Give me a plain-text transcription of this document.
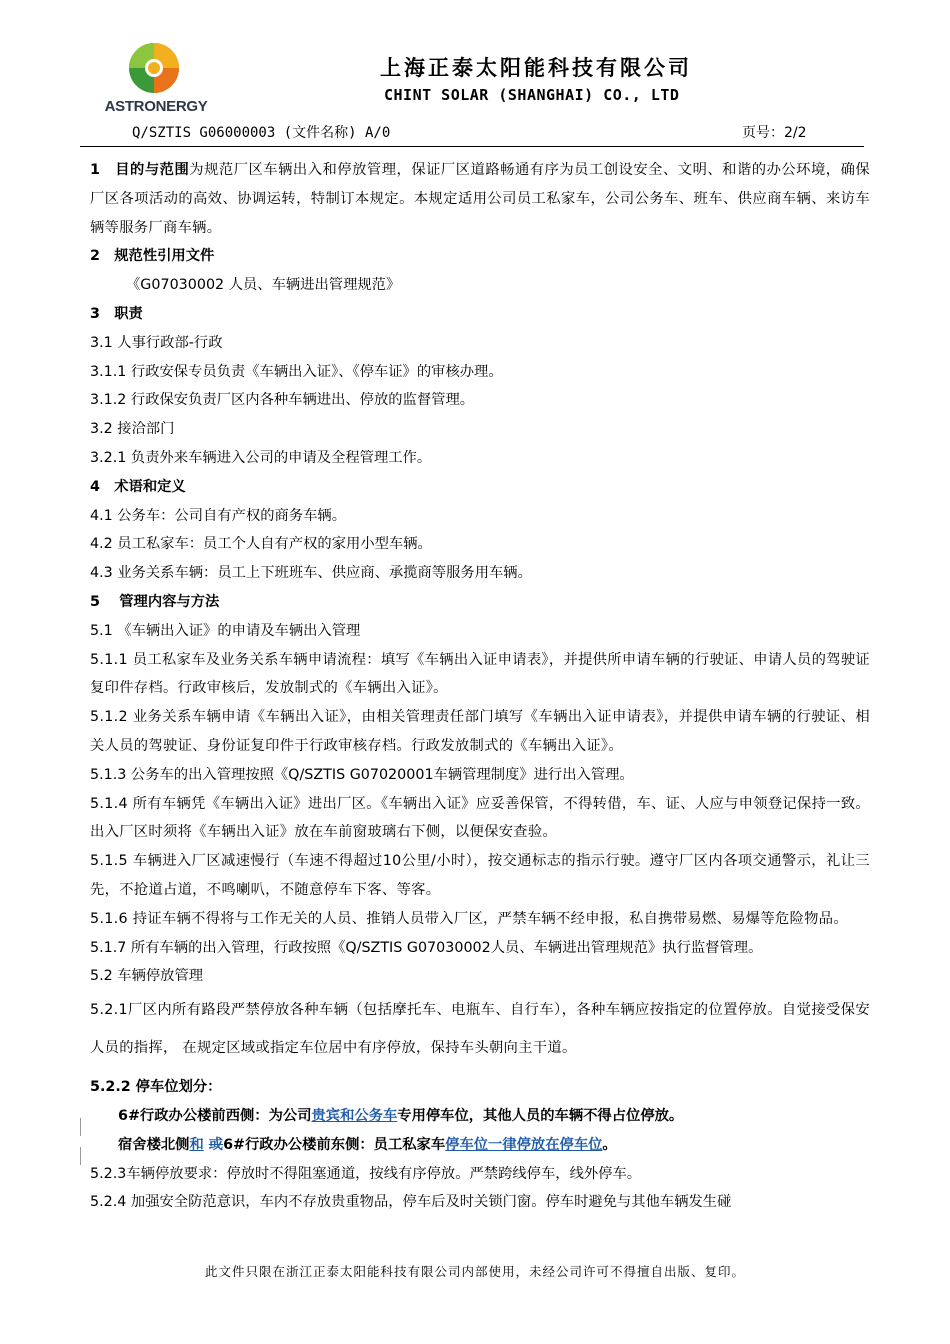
ASTRONERGY
上海正泰太阳能科技有限公司
CHINT SOLAR (SHANGHAI) CO., LTD
Q/SZTIS G06000003 (文件名称) A/0	页号：2/2

1　目的与范围为规范厂区车辆出入和停放管理，保证厂区道路畅通有序为员工创设安全、文明、和谐的办公环境，确保厂区各项活动的高效、协调运转，特制订本规定。本规定适用公司员工私家车，公司公务车、班车、供应商车辆、来访车辆等服务厂商车辆。

2　规范性引用文件

《G07030002 人员、车辆进出管理规范》

3　职责

3.1 人事行政部-行政

3.1.1 行政安保专员负责《车辆出入证》、《停车证》的审核办理。

3.1.2 行政保安负责厂区内各种车辆进出、停放的监督管理。

3.2 接洽部门

3.2.1 负责外来车辆进入公司的申请及全程管理工作。

4　术语和定义

4.1 公务车：公司自有产权的商务车辆。

4.2 员工私家车：员工个人自有产权的家用小型车辆。

4.3 业务关系车辆：员工上下班班车、供应商、承揽商等服务用车辆。

5　 管理内容与方法

5.1 《车辆出入证》的申请及车辆出入管理

5.1.1 员工私家车及业务关系车辆申请流程：填写《车辆出入证申请表》，并提供所申请车辆的行驶证、申请人员的驾驶证复印件存档。行政审核后，发放制式的《车辆出入证》。

5.1.2 业务关系车辆申请《车辆出入证》，由相关管理责任部门填写《车辆出入证申请表》，并提供申请车辆的行驶证、相关人员的驾驶证、身份证复印件于行政审核存档。行政发放制式的《车辆出入证》。

5.1.3 公务车的出入管理按照《Q/SZTIS G07020001车辆管理制度》进行出入管理。

5.1.4 所有车辆凭《车辆出入证》进出厂区。《车辆出入证》应妥善保管，不得转借，车、证、人应与申领登记保持一致。出入厂区时须将《车辆出入证》放在车前窗玻璃右下侧，以便保安查验。

5.1.5 车辆进入厂区减速慢行（车速不得超过10公里/小时），按交通标志的指示行驶。遵守厂区内各项交通警示，礼让三先，不抢道占道，不鸣喇叭，不随意停车下客、等客。

5.1.6 持证车辆不得将与工作无关的人员、推销人员带入厂区，严禁车辆不经申报，私自携带易燃、易爆等危险物品。

5.1.7 所有车辆的出入管理，行政按照《Q/SZTIS G07030002人员、车辆进出管理规范》执行监督管理。

5.2 车辆停放管理

5.2.1厂区内所有路段严禁停放各种车辆（包括摩托车、电瓶车、自行车），各种车辆应按指定的位置停放。自觉接受保安人员的指挥， 在规定区域或指定车位居中有序停放，保持车头朝向主干道。

5.2.2 停车位划分：

6#行政办公楼前西侧：为公司贵宾和公务车专用停车位，其他人员的车辆不得占位停放。

宿舍楼北侧和 或6#行政办公楼前东侧：员工私家车停车位一律停放在停车位。

5.2.3车辆停放要求：停放时不得阻塞通道，按线有序停放。严禁跨线停车，线外停车。

5.2.4 加强安全防范意识，车内不存放贵重物品，停车后及时关锁门窗。停车时避免与其他车辆发生碰

此文件只限在浙江正泰太阳能科技有限公司内部使用，未经公司许可不得擅自出版、复印。
